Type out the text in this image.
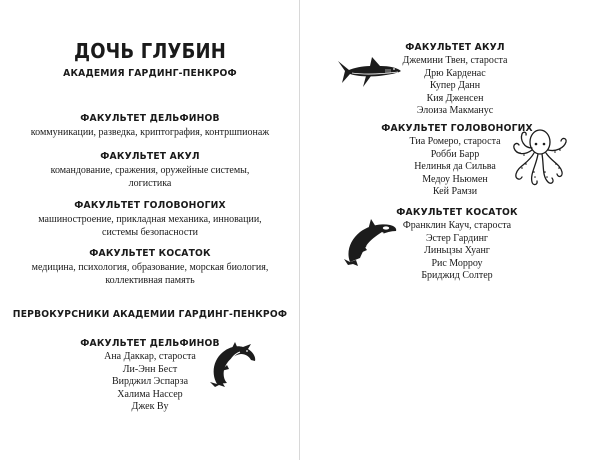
ДОЧЬ ГЛУБИН
АКАДЕМИЯ ГАРДИНГ-ПЕНКРОФ
ФАКУЛЬТЕТ ДЕЛЬФИНОВ
коммуникации, разведка, криптография, контршпионаж
ФАКУЛЬТЕТ АКУЛ
командование, сражения, оружейные системы,
логистика
ФАКУЛЬТЕТ ГОЛОВОНОГИХ
машиностроение, прикладная механика, инновации,
системы безопасности
ФАКУЛЬТЕТ КОСАТОК
медицина, психология, образование, морская биология,
коллективная память
ПЕРВОКУРСНИКИ АКАДЕМИИ ГАРДИНГ-ПЕНКРОФ
ФАКУЛЬТЕТ ДЕЛЬФИНОВ
Ана Даккар, староста
Ли-Энн Бест
Вирджил Эспарза
Халима Нассер
Джек Ву
ФАКУЛЬТЕТ АКУЛ
Джемини Твен, староста
Дрю Карденас
Купер Данн
Кия Дженсен
Элоиза Макманус
ФАКУЛЬТЕТ ГОЛОВОНОГИХ
Тиа Ромеро, староста
Робби Барр
Нелинья да Сильва
Медоу Ньюмен
Кей Рамзи
ФАКУЛЬТЕТ КОСАТОК
Франклин Кауч, староста
Эстер Гардинг
Линьцзы Хуанг
Рис Морроу
Бриджид Солтер
